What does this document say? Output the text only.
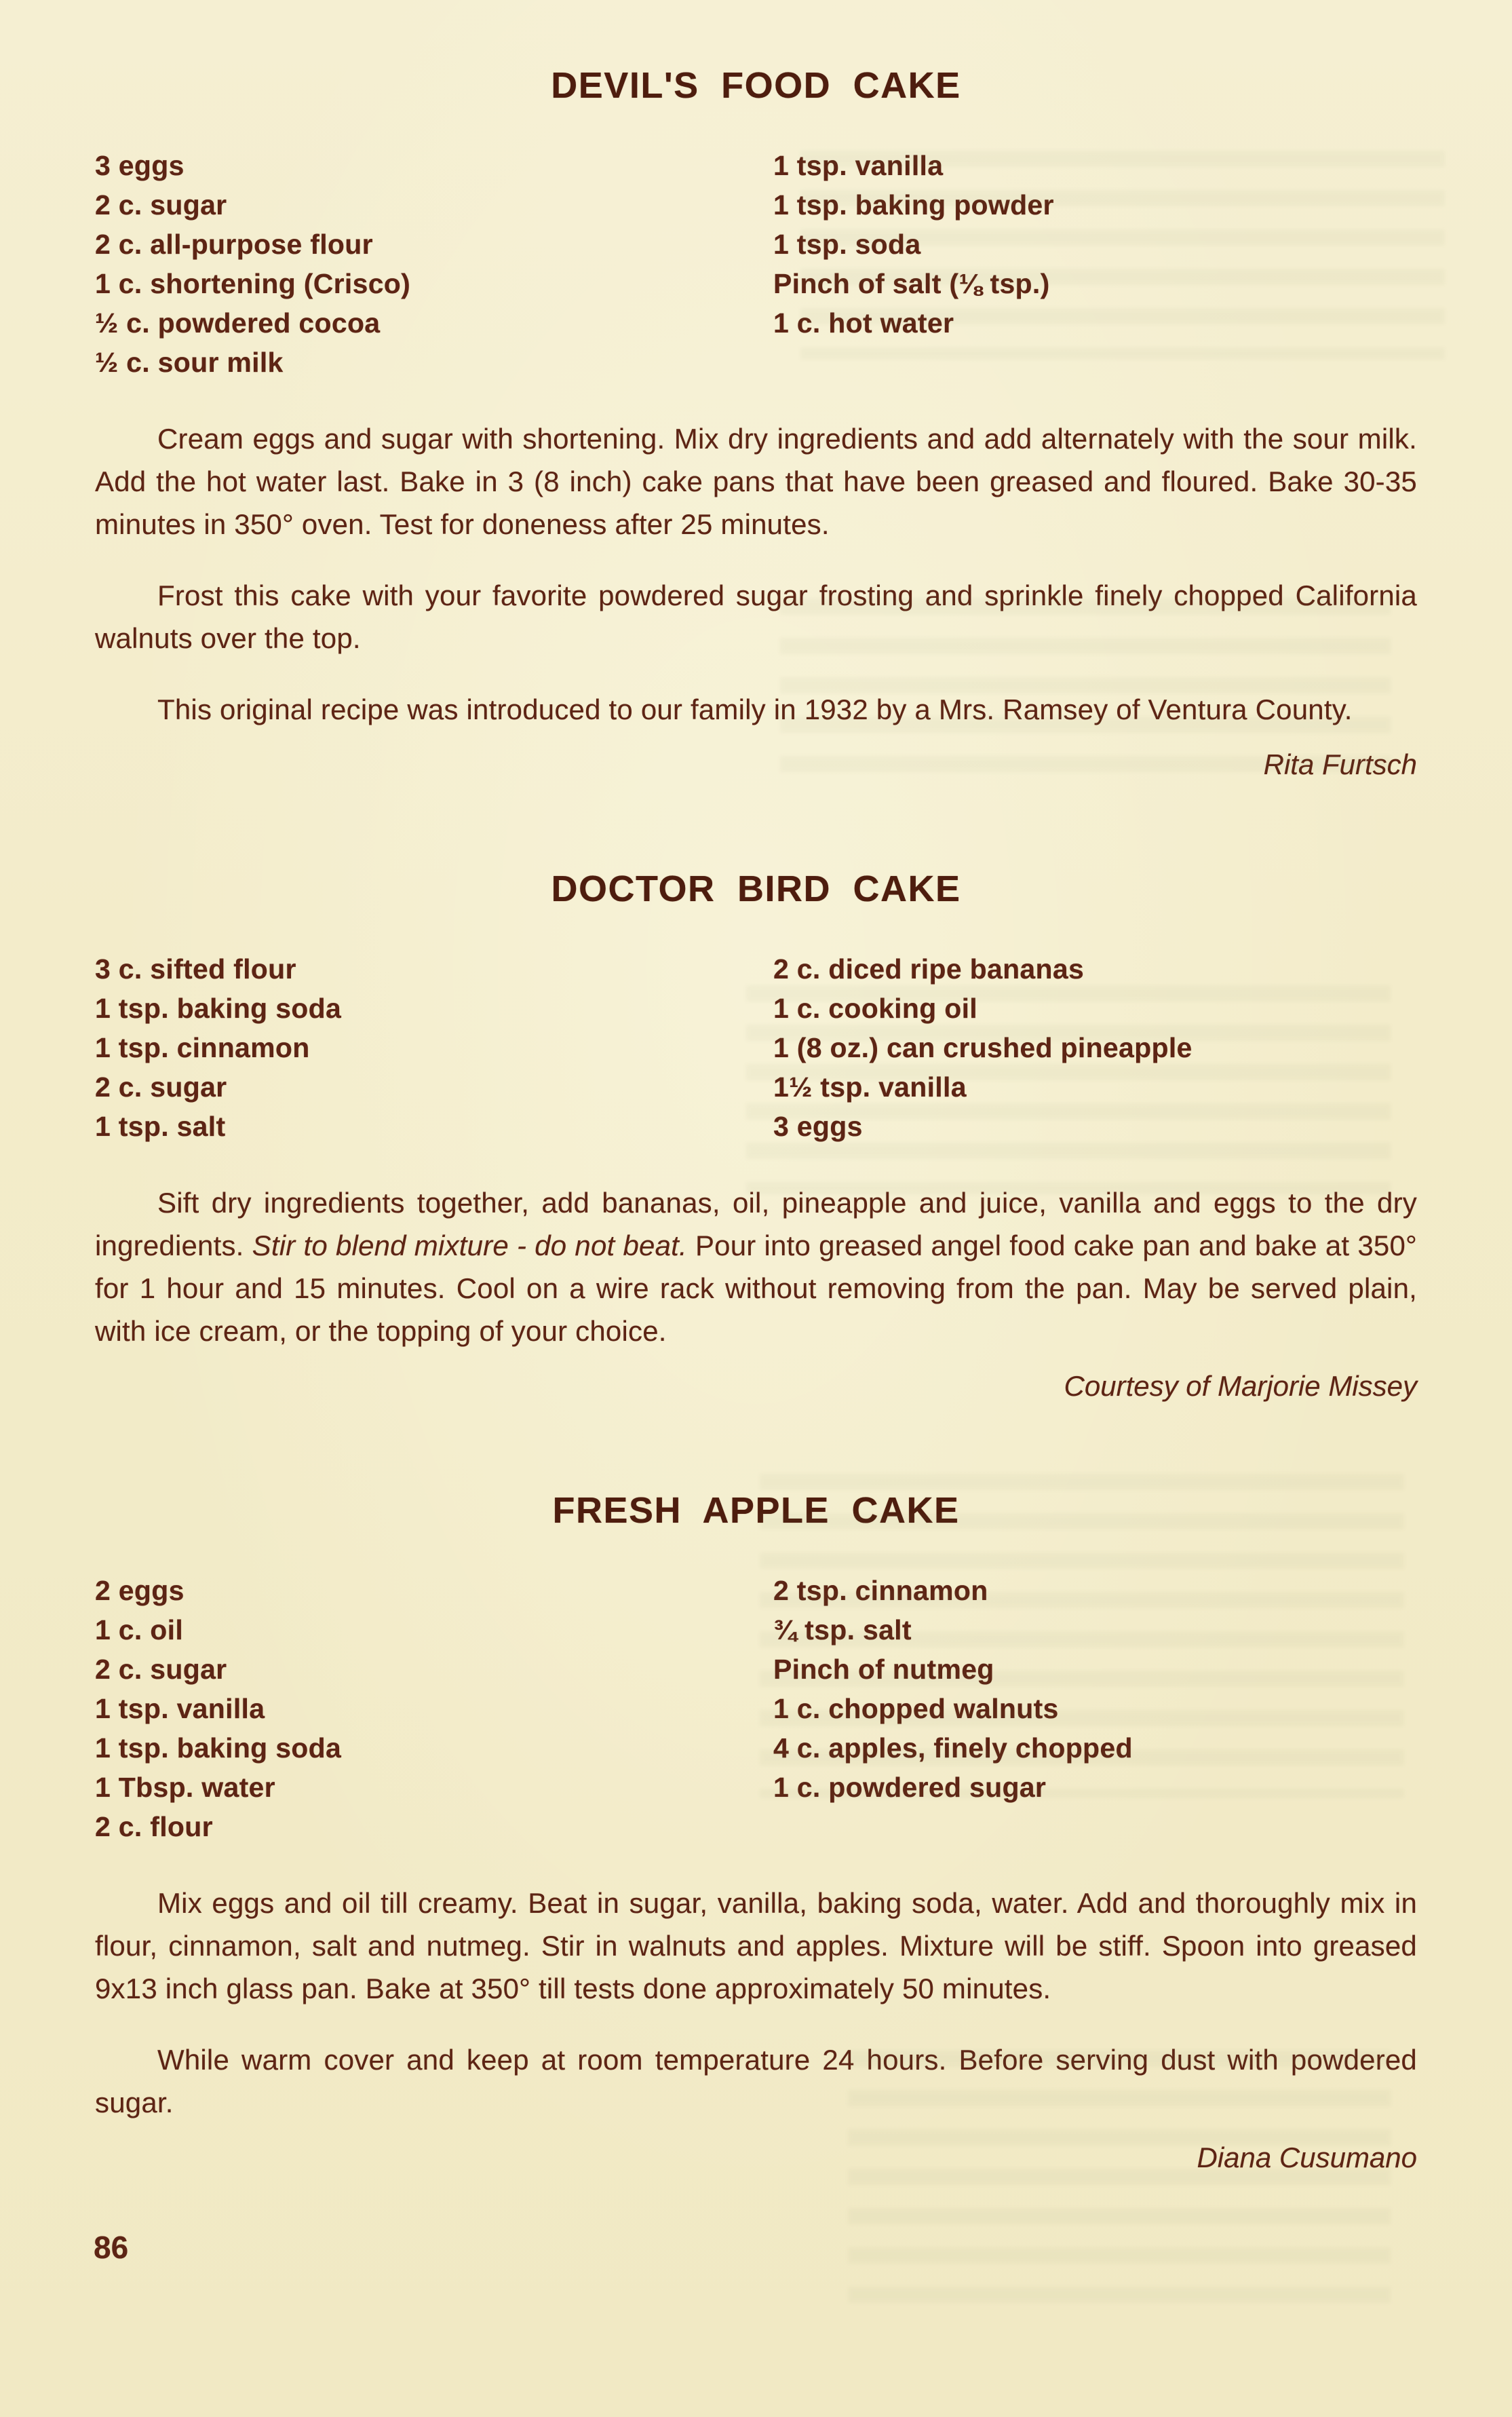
DEVIL'S FOOD CAKE
3 eggs
2 c. sugar
2 c. all-purpose flour
1 c. shortening (Crisco)
½ c. powdered cocoa
½ c. sour milk
1 tsp. vanilla
1 tsp. baking powder
1 tsp. soda
Pinch of salt (⅛ tsp.)
1 c. hot water

Cream eggs and sugar with shortening. Mix dry ingredients and add alternately with the sour milk. Add the hot water last. Bake in 3 (8 inch) cake pans that have been greased and floured. Bake 30-35 minutes in 350° oven. Test for doneness after 25 minutes.

Frost this cake with your favorite powdered sugar frosting and sprinkle finely chopped California walnuts over the top.

This original recipe was introduced to our family in 1932 by a Mrs. Ramsey of Ventura County.

Rita Furtsch

DOCTOR BIRD CAKE
3 c. sifted flour
1 tsp. baking soda
1 tsp. cinnamon
2 c. sugar
1 tsp. salt
2 c. diced ripe bananas
1 c. cooking oil
1 (8 oz.) can crushed pineapple
1½ tsp. vanilla
3 eggs

Sift dry ingredients together, add bananas, oil, pineapple and juice, vanilla and eggs to the dry ingredients. Stir to blend mixture - do not beat. Pour into greased angel food cake pan and bake at 350° for 1 hour and 15 minutes. Cool on a wire rack without removing from the pan. May be served plain, with ice cream, or the topping of your choice.

Courtesy of Marjorie Missey

FRESH APPLE CAKE
2 eggs
1 c. oil
2 c. sugar
1 tsp. vanilla
1 tsp. baking soda
1 Tbsp. water
2 c. flour
2 tsp. cinnamon
¾ tsp. salt
Pinch of nutmeg
1 c. chopped walnuts
4 c. apples, finely chopped
1 c. powdered sugar

Mix eggs and oil till creamy. Beat in sugar, vanilla, baking soda, water. Add and thoroughly mix in flour, cinnamon, salt and nutmeg. Stir in walnuts and apples. Mixture will be stiff. Spoon into greased 9x13 inch glass pan. Bake at 350° till tests done approximately 50 minutes.

While warm cover and keep at room temperature 24 hours. Before serving dust with powdered sugar.

Diana Cusumano

86
